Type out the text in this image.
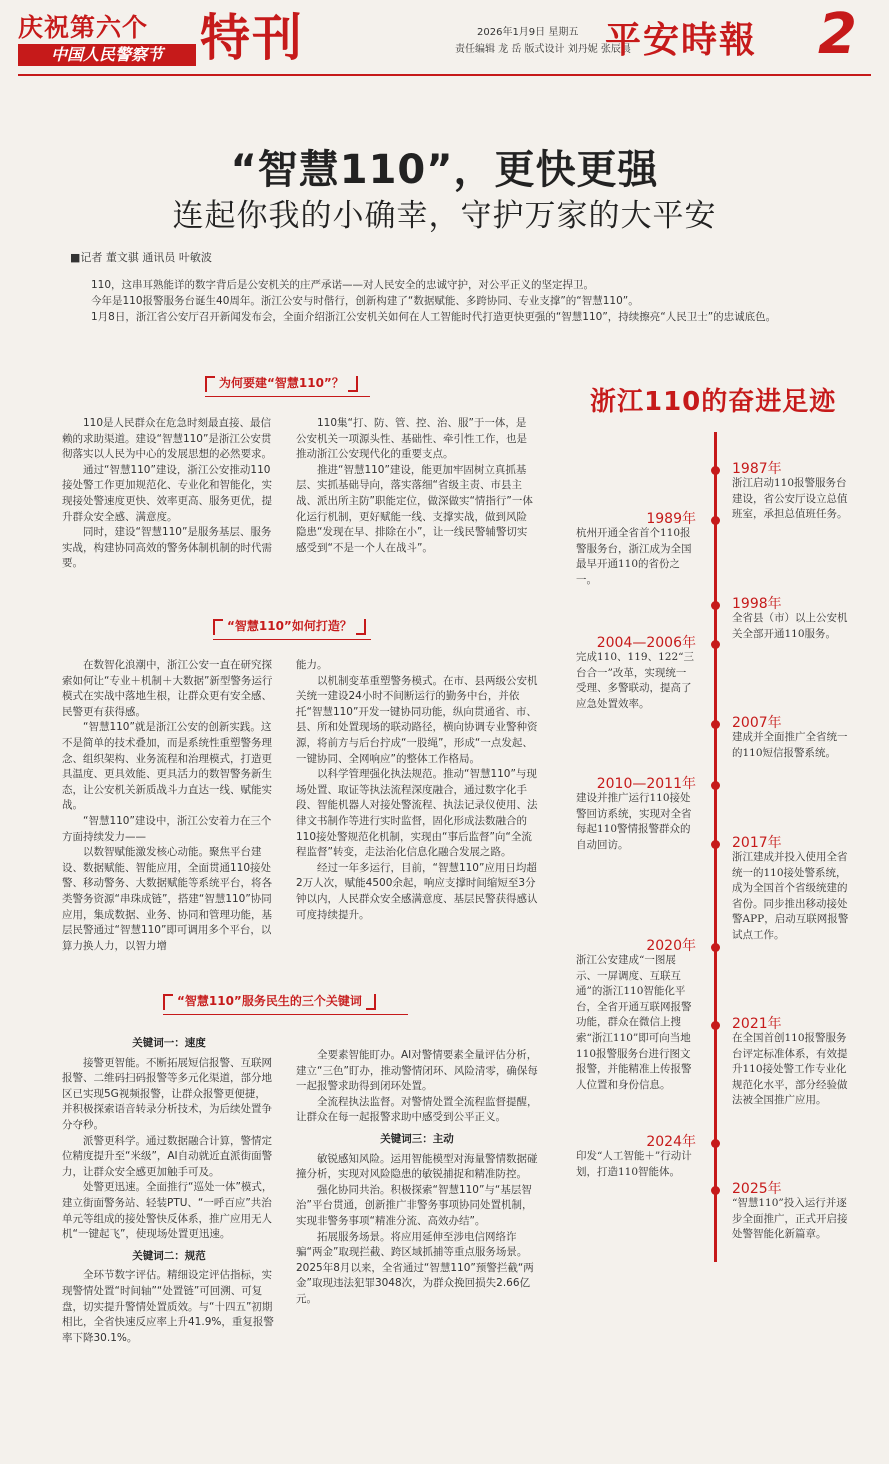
庆祝第六个
中国人民警察节 特刊	2026年1月9日 星期五
责任编辑 龙 岳 版式设计 刘丹妮 张辰晨
平安時報 2
“智慧110”，更快更强
连起你我的小确幸，守护万家的大平安
■记者 董文骐 通讯员 叶敏波
110，这串耳熟能详的数字背后是公安机关的庄严承诺——对人民安全的忠诚守护，对公平正义的坚定捍卫。
今年是110报警服务台诞生40周年。浙江公安与时偕行，创新构建了“数据赋能、多跨协同、专业支撑”的“智慧110”。
1月8日，浙江省公安厅召开新闻发布会，全面介绍浙江公安机关如何在人工智能时代打造更快更强的“智慧110”，持续擦亮“人民卫士”的忠诚底色。
为何要建“智慧110”？

110是人民群众在危急时刻最直接、最信赖的求助渠道。建设“智慧110”是浙江公安贯彻落实以人民为中心的发展思想的必然要求。

通过“智慧110”建设，浙江公安推动110接处警工作更加规范化、专业化和智能化，实现接处警速度更快、效率更高、服务更优，提升群众安全感、满意度。

同时，建设“智慧110”是服务基层、服务实战，构建协同高效的警务体制机制的时代需要。

110集“打、防、管、控、治、服”于一体，是公安机关一项源头性、基础性、牵引性工作，也是推动浙江公安现代化的重要支点。

推进“智慧110”建设，能更加牢固树立真抓基层、实抓基础导向，落实落细“省级主责、市县主战、派出所主防”职能定位，做深做实“情指行”一体化运行机制，更好赋能一线、支撑实战，做到风险隐患“发现在早、排除在小”，让一线民警辅警切实感受到“不是一个人在战斗”。

“智慧110”如何打造？

在数智化浪潮中，浙江公安一直在研究探索如何让“专业＋机制＋大数据”新型警务运行模式在实战中落地生根，让群众更有安全感、民警更有获得感。

“智慧110”就是浙江公安的创新实践。这不是简单的技术叠加，而是系统性重塑警务理念、组织架构、业务流程和治理模式，打造更具温度、更具效能、更具活力的数智警务新生态，让公安机关新质战斗力直达一线、赋能实战。

“智慧110”建设中，浙江公安着力在三个方面持续发力——

以数智赋能激发核心动能。聚焦平台建设、数据赋能、智能应用，全面贯通110接处警、移动警务、大数据赋能等系统平台，将各类警务资源“串珠成链”，搭建“智慧110”协同应用，集成数据、业务、协同和管理功能，基层民警通过“智慧110”即可调用多个平台，以算力换人力，以智力增

能力。

以机制变革重塑警务模式。在市、县两级公安机关统一建设24小时不间断运行的勤务中台，并依托“智慧110”开发一键协同功能，纵向贯通省、市、县、所和处置现场的联动路径，横向协调专业警种资源，将前方与后台拧成“一股绳”，形成“一点发起、一键协同、全网响应”的整体工作格局。

以科学管理强化执法规范。推动“智慧110”与现场处置、取证等执法流程深度融合，通过数字化手段、智能机器人对接处警流程、执法记录仪使用、法律文书制作等进行实时监督，固化形成法数融合的110接处警规范化机制，实现由“事后监督”向“全流程监督”转变，走法治化信息化融合发展之路。

经过一年多运行，目前，“智慧110”应用日均超2万人次，赋能4500余起，响应支撑时间缩短至3分钟以内，人民群众安全感满意度、基层民警获得感认可度持续提升。

“智慧110”服务民生的三个关键词

关键词一：速度

接警更智能。不断拓展短信报警、互联网报警、二维码扫码报警等多元化渠道，部分地区已实现5G视频报警，让群众报警更便捷，并积极探索语音转录分析技术，为后续处置争分夺秒。

派警更科学。通过数据融合计算，警情定位精度提升至“米级”，AI自动就近直派街面警力，让群众安全感更加触手可及。

处警更迅速。全面推行“巡处一体”模式，建立街面警务站、轻装PTU、“一呼百应”共治单元等组成的接处警快反体系，推广应用无人机“一键起飞”，使现场处置更迅速。

关键词二：规范

全环节数字评估。精细设定评估指标，实现警情处置“时间轴”“处置链”可回溯、可复盘，切实提升警情处置质效。与“十四五”初期相比，全省快速反应率上升41.9%，重复报警率下降30.1%。

全要素智能盯办。AI对警情要素全量评估分析，建立“三色”盯办，推动警情闭环、风险清零，确保每一起报警求助得到闭环处置。

全流程执法监督。对警情处置全流程监督提醒，让群众在每一起报警求助中感受到公平正义。

关键词三：主动

敏锐感知风险。运用智能模型对海量警情数据碰撞分析，实现对风险隐患的敏锐捕捉和精准防控。

强化协同共治。积极探索“智慧110”与“基层智治”平台贯通，创新推广非警务事项协同处置机制，实现非警务事项“精准分流、高效办结”。

拓展服务场景。将应用延伸至涉电信网络诈骗“两金”取现拦截、跨区域抓捕等重点服务场景。2025年8月以来，全省通过“智慧110”预警拦截“两金”取现违法犯罪3048次，为群众挽回损失2.66亿元。

浙江110的奋进足迹
1987年
浙江启动110报警服务台建设，省公安厅设立总值班室，承担总值班任务。
1989年
杭州开通全省首个110报警服务台，浙江成为全国最早开通110的省份之一。
1998年
全省县（市）以上公安机关全部开通110服务。
2004—2006年
完成110、119、122“三台合一”改革，实现统一受理、多警联动，提高了应急处置效率。
2007年
建成并全面推广全省统一的110短信报警系统。
2010—2011年
建设并推广运行110接处警回访系统，实现对全省每起110警情报警群众的自动回访。	2017年
浙江建成并投入使用全省统一的110接处警系统，成为全国首个省级统建的省份。同步推出移动接处警APP，启动互联网报警试点工作。
2020年
浙江公安建成“一图展示、一屏调度、互联互通”的浙江110智能化平台，全省开通互联网报警功能，群众在微信上搜索“浙江110”即可向当地110报警服务台进行图文报警，并能精准上传报警人位置和身份信息。
2021年
在全国首创110报警服务台评定标准体系，有效提升110接处警工作专业化规范化水平，部分经验做法被全国推广应用。
2024年
印发“人工智能＋”行动计划，打造110智能体。
2025年
“智慧110”投入运行并逐步全面推广，正式开启接处警智能化新篇章。
